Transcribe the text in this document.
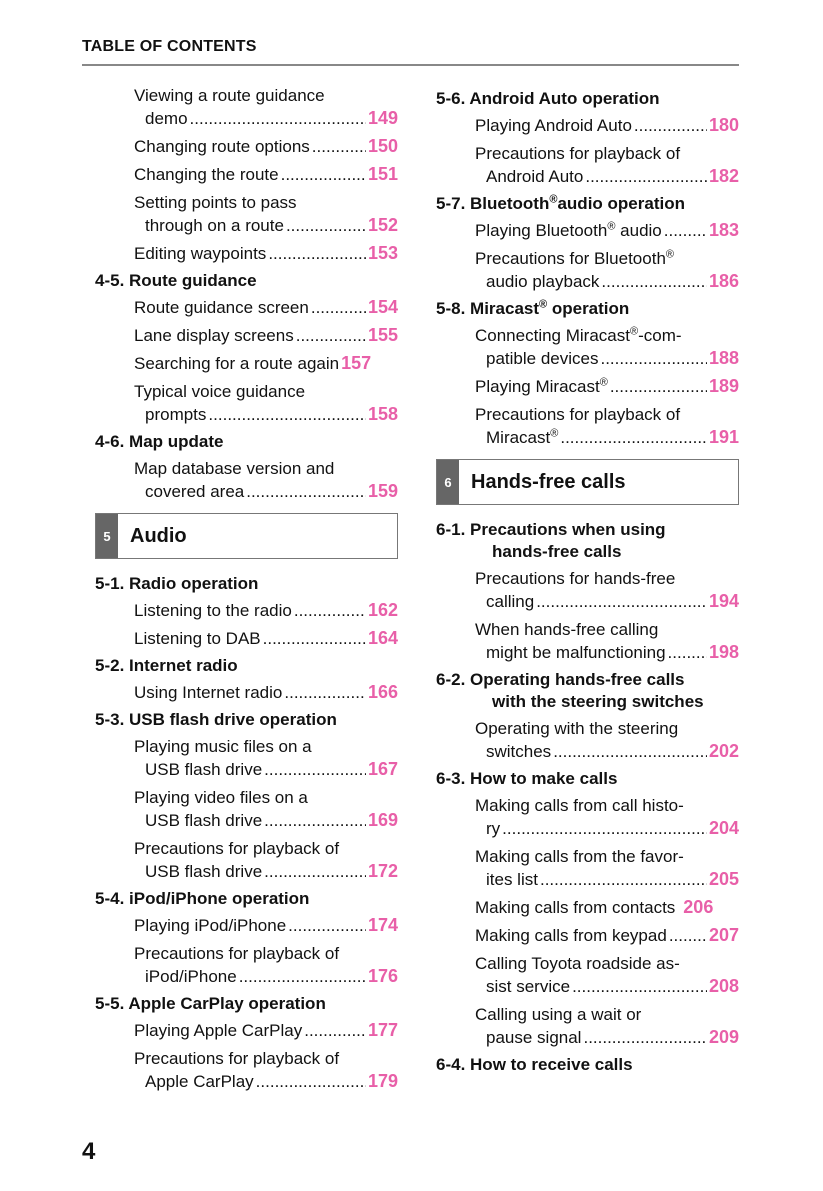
TABLE OF CONTENTS
Viewing a route guidance
demo .....	149
Changing route options .....	150
Changing the route .....	151
Setting points to pass
through on a route .....	152
Editing waypoints .....	153
4-5. Route guidance
Route guidance screen .....	154
Lane display screens .....	155
Searching for a route again 157
Typical voice guidance
prompts .....	158
4-6. Map update
Map database version and
covered area .....	159
5 Audio
5-1. Radio operation
Listening to the radio .....	162
Listening to DAB .....	164
5-2. Internet radio
Using Internet radio .....	166
5-3. USB flash drive operation
Playing music files on a
USB flash drive .....	167
Playing video files on a
USB flash drive .....	169
Precautions for playback of
USB flash drive .....	172
5-4. iPod/iPhone operation
Playing iPod/iPhone .....	174
Precautions for playback of
iPod/iPhone .....	176
5-5. Apple CarPlay operation
Playing Apple CarPlay .....	177
Precautions for playback of
Apple CarPlay .....	179
5-6. Android Auto operation
Playing Android Auto .....	180
Precautions for playback of
Android Auto .....	182
5-7. Bluetooth®audio operation
Playing Bluetooth® audio .....	183
Precautions for Bluetooth®
audio playback .....	186
5-8. Miracast® operation
Connecting Miracast®-com-
patible devices .....	188
Playing Miracast® .....	189
Precautions for playback of
Miracast® .....	191
6 Hands-free calls
6-1. Precautions when using
hands-free calls
Precautions for hands-free
calling .....	194
When hands-free calling
might be malfunctioning ..... 198
6-2. Operating hands-free calls
with the steering switches
Operating with the steering
switches .....	202
6-3. How to make calls
Making calls from call histo-
ry .....	204
Making calls from the favor-
ites list .....	205
Making calls from contacts 206
Making calls from keypad ..... 207
Calling Toyota roadside as-
sist service .....	208
Calling using a wait or
pause signal .....	209
6-4. How to receive calls
4
